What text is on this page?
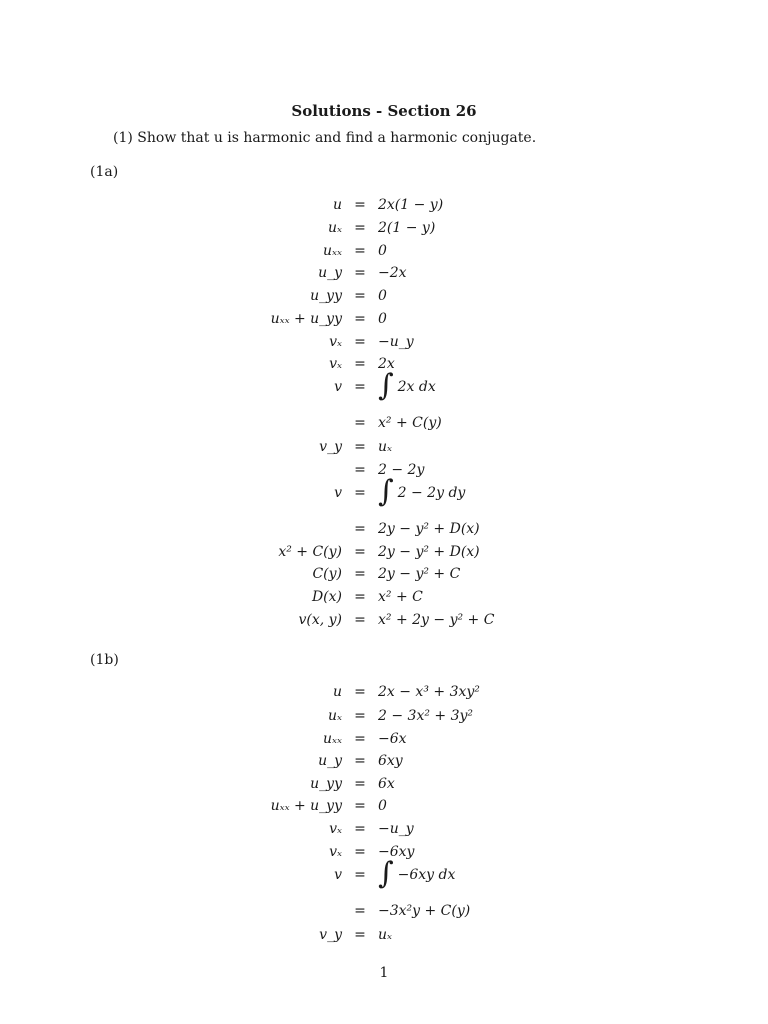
Solutions - Section 26
(1) Show that u is harmonic and find a harmonic conjugate.
(1a)
u = 2x(1 − y)
uₓ = 2(1 − y)
uₓₓ = 0
u_y = −2x
u_yy = 0
uₓₓ + u_yy = 0
vₓ = −u_y
vₓ = 2x
v = ∫ 2x dx
= x² + C(y)
v_y = uₓ
= 2 − 2y
v = ∫ 2 − 2y dy
= 2y − y² + D(x)
x² + C(y) = 2y − y² + D(x)
C(y) = 2y − y² + C
D(x) = x² + C
v(x, y) = x² + 2y − y² + C
(1b)
u = 2x − x³ + 3xy²
uₓ = 2 − 3x² + 3y²
uₓₓ = −6x
u_y = 6xy
u_yy = 6x
uₓₓ + u_yy = 0
vₓ = −u_y
vₓ = −6xy
v = ∫ −6xy dx
= −3x²y + C(y)
v_y = uₓ
1
